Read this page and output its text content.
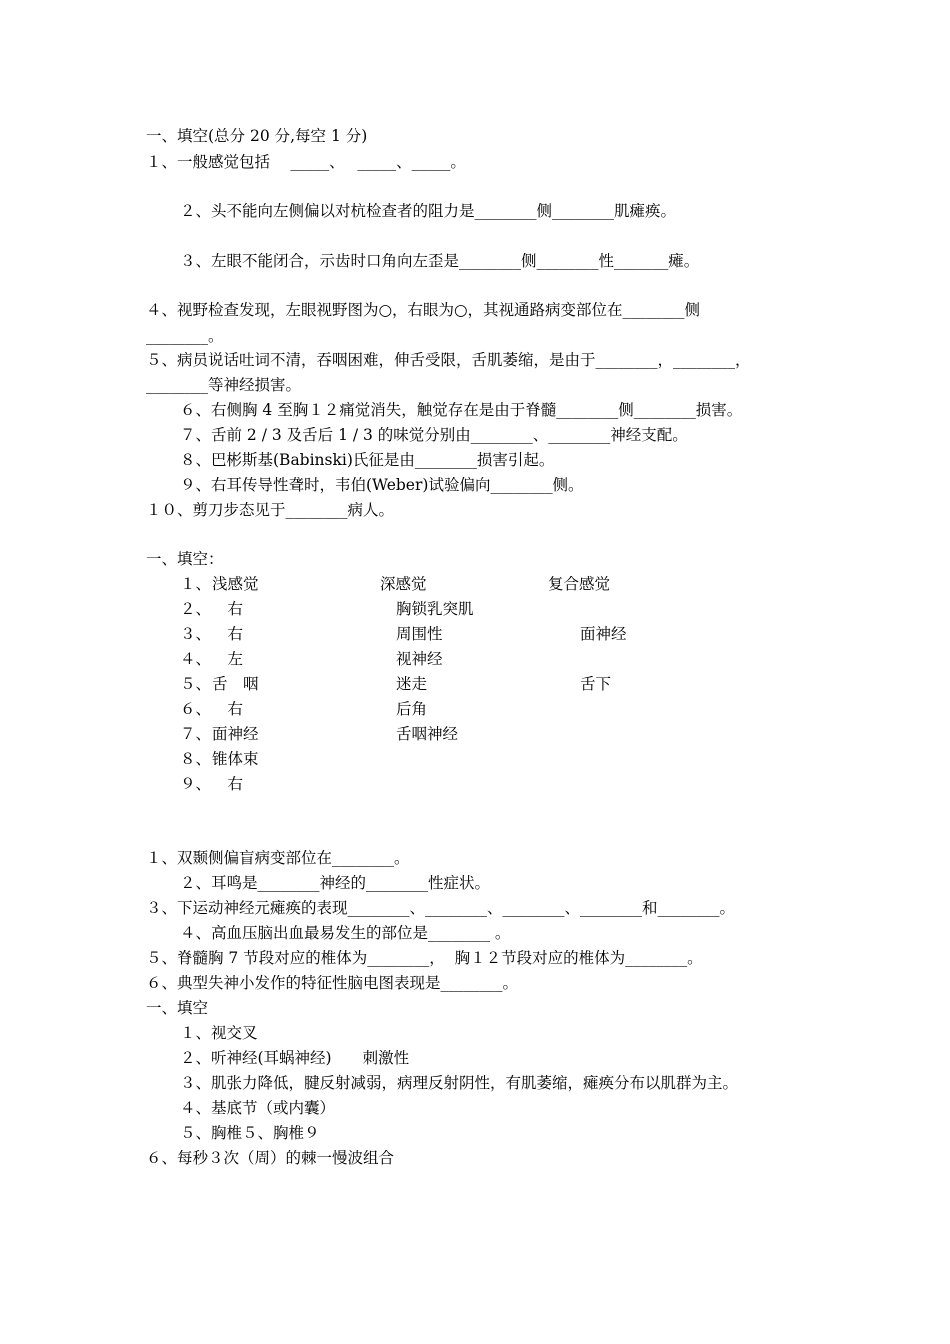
一、填空(总分 20 分,每空 1 分)
１、一般感觉包括　 _____、　 _____、_____。
２、头不能向左侧偏以对杭检查者的阻力是________侧________肌瘫痪。
３、左眼不能闭合，示齿时口角向左歪是________侧________性_______瘫。
４、视野检查发现，左眼视野图为○，右眼为○，其视通路病变部位在________侧
________。
５、病员说话吐词不清，吞咽困难，伸舌受限，舌肌萎缩，是由于________，________，
________等神经损害。
６、右侧胸 4 至胸１２痛觉消失，触觉存在是由于脊髓________侧________损害。
７、舌前 2 / 3 及舌后 1 / 3 的味觉分别由________、________神经支配。
８、巴彬斯基(Babinski)氏征是由________损害引起。
９、右耳传导性聋时，韦伯(Weber)试验偏向________侧。
１０、剪刀步态见于________病人。
一、填空：
１、 浅感觉	深感觉	复合感觉
２、 　右	胸锁乳突肌
３、 　右	周围性	面神经
４、 　左	视神经
５、 舌　咽	迷走	舌下
６、 　右	后角
７、 面神经	舌咽神经
８、 锥体束
９、 　右
１、双颞侧偏盲病变部位在________。
２、耳鸣是________神经的________性症状。
３、下运动神经元瘫痪的表现________、________、________、________和________。
４、高血压脑出血最易发生的部位是________ 。
５、脊髓胸 7 节段对应的椎体为________，  胸１２节段对应的椎体为________。
６、典型失神小发作的特征性脑电图表现是________。
一、填空
１、视交叉
２、听神经(耳蜗神经)　　刺激性
３、肌张力降低，腱反射减弱，病理反射阴性，有肌萎缩，瘫痪分布以肌群为主。
４、基底节（或内囊）
５、胸椎５、胸椎９
６、每秒３次（周）的棘一慢波组合
